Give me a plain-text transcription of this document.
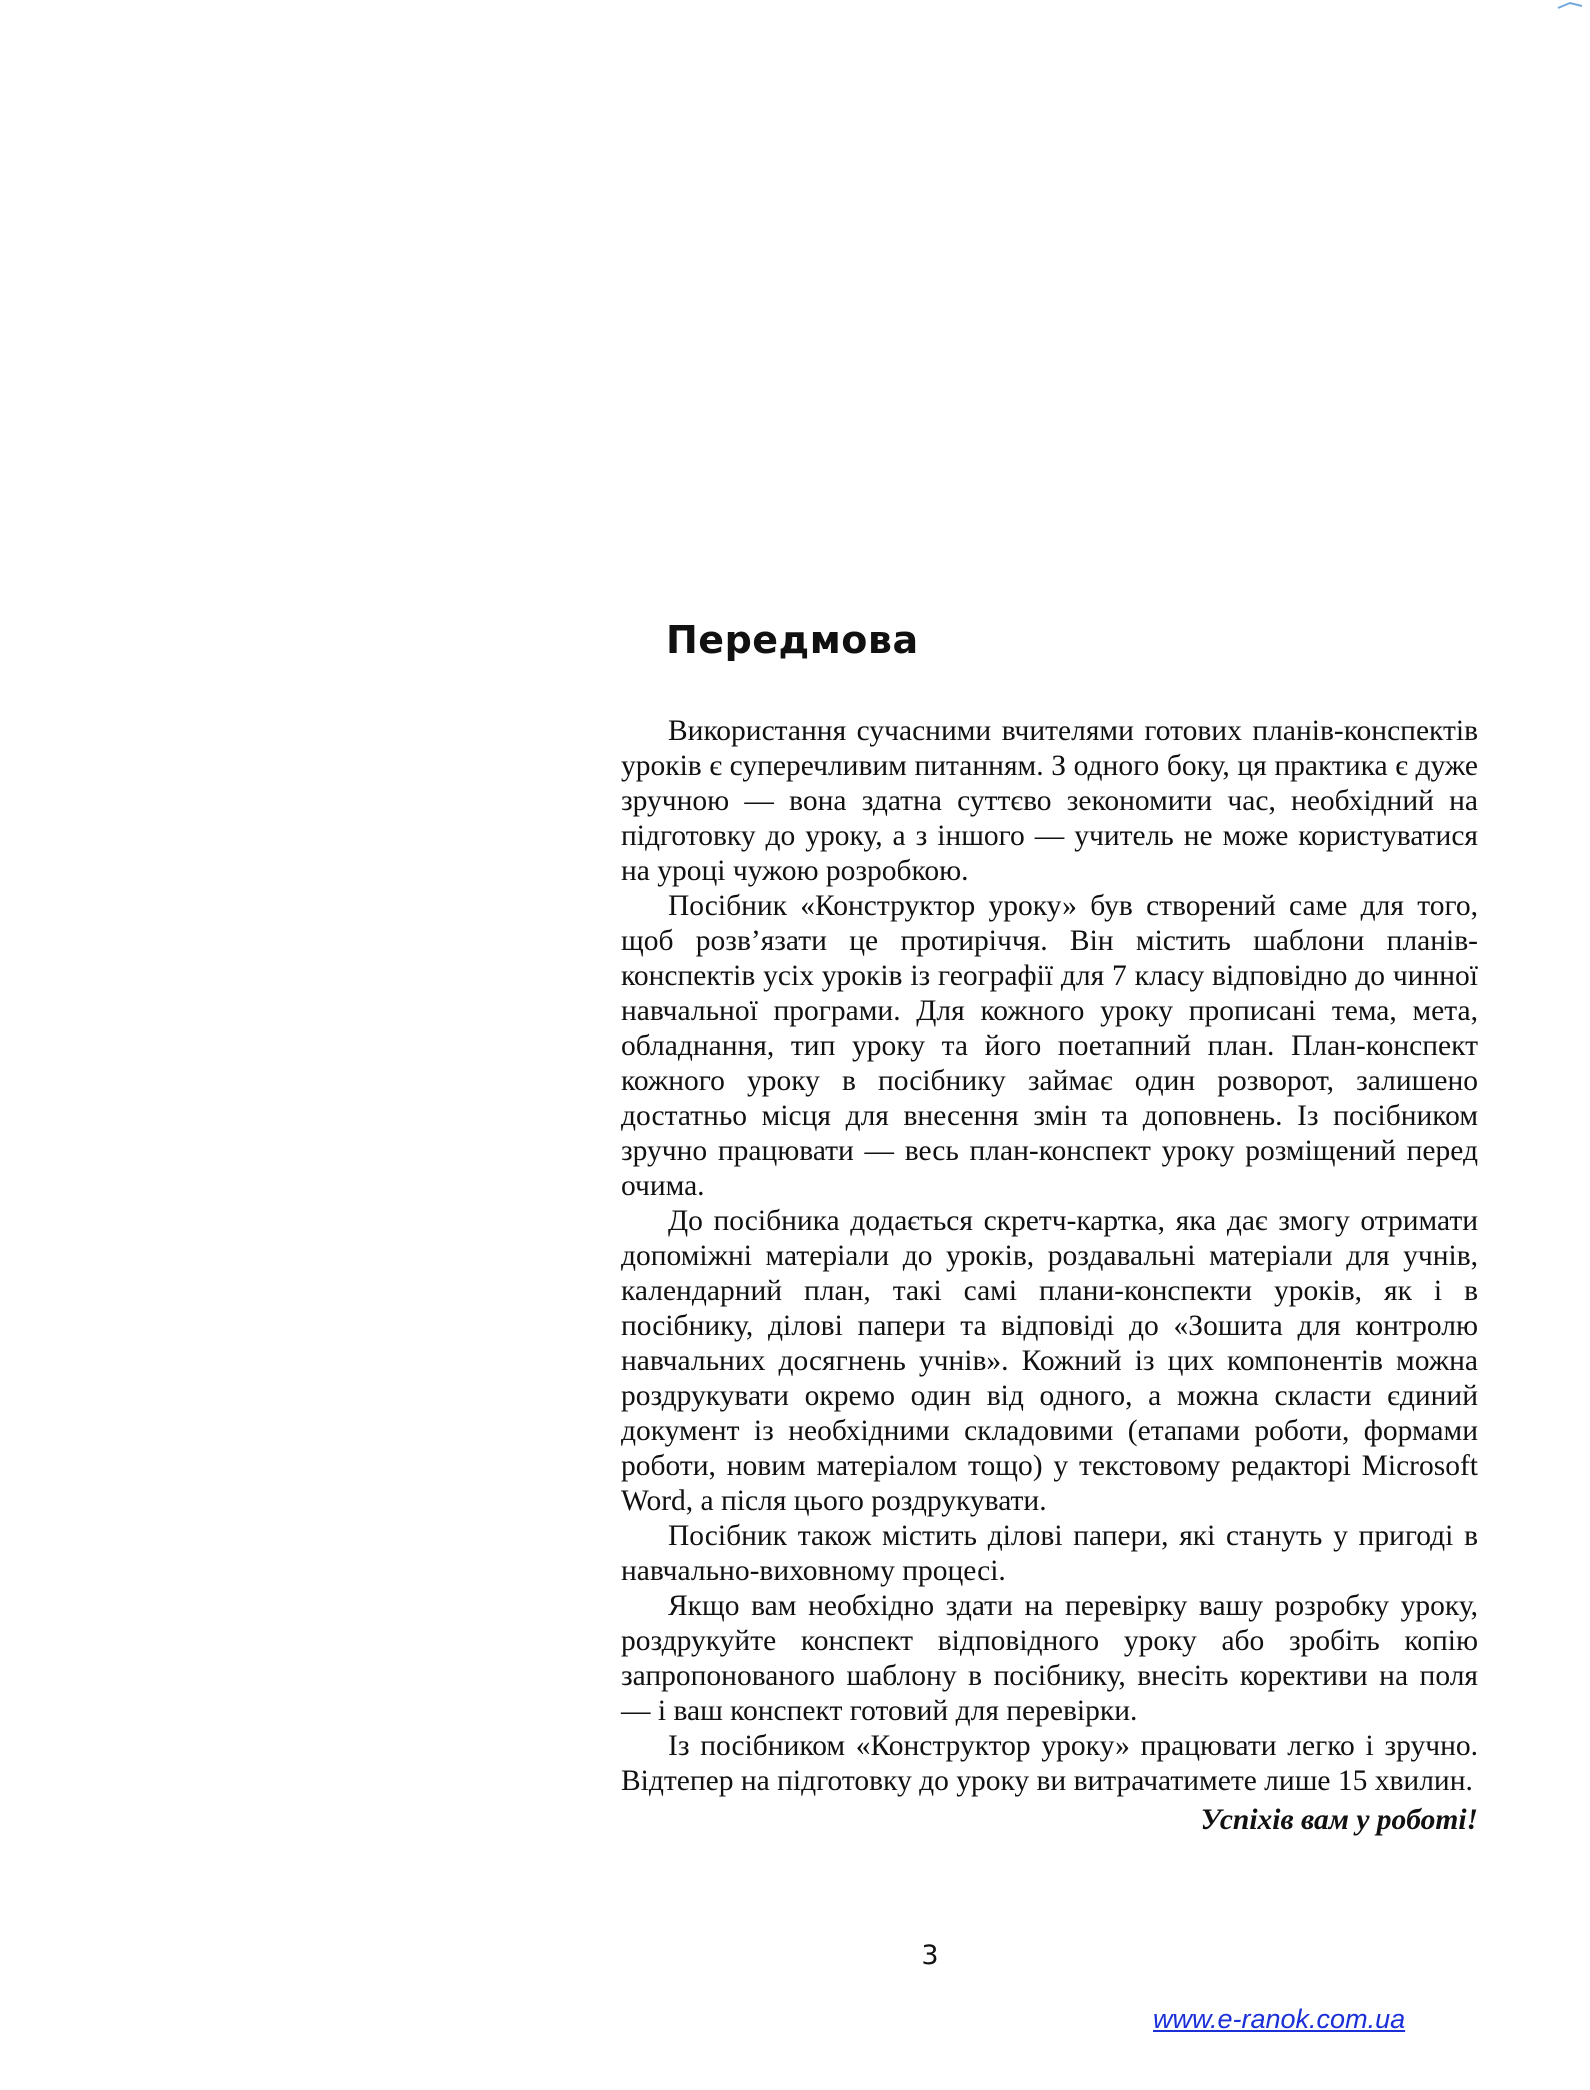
Передмова

Використання сучасними вчителями готових планів-конспектів уроків є суперечливим питанням. З одного боку, ця практика є дуже зручною — вона здатна суттєво зекономити час, необхідний на підготовку до уроку, а з іншого — учитель не може користуватися на уроці чужою розробкою.

Посібник «Конструктор уроку» був створений саме для того, щоб розв’язати це протиріччя. Він містить шаблони планів-конспектів усіх уроків із географії для 7 класу відповідно до чинної навчальної програми. Для кожного уроку прописані тема, мета, обладнання, тип уроку та його поетапний план. План-конспект кожного уроку в посібнику займає один розворот, залишено достатньо місця для внесення змін та доповнень. Із посібником зручно працювати — весь план-конспект уроку розміщений перед очима.

До посібника додається скретч-картка, яка дає змогу отримати допоміжні матеріали до уроків, роздавальні матеріали для учнів, календарний план, такі самі плани-конспекти уроків, як і в посібнику, ділові папери та відповіді до «Зошита для контролю навчальних досягнень учнів». Кожний із цих компонентів можна роздрукувати окремо один від одного, а можна скласти єдиний документ із необхідними складовими (етапами роботи, формами роботи, новим матеріалом тощо) у текстовому редакторі Microsoft Word, а після цього роздрукувати.

Посібник також містить ділові папери, які стануть у пригоді в навчально-виховному процесі.

Якщо вам необхідно здати на перевірку вашу розробку уроку, роздрукуйте конспект відповідного уроку або зробіть копію запропонованого шаблону в посібнику, внесіть корективи на поля — і ваш конспект готовий для перевірки.

Із посібником «Конструктор уроку» працювати легко і зручно. Відтепер на підготовку до уроку ви витрачатимете лише 15 хвилин.

Успіхів вам у роботі!

3
www.e-ranok.com.ua
